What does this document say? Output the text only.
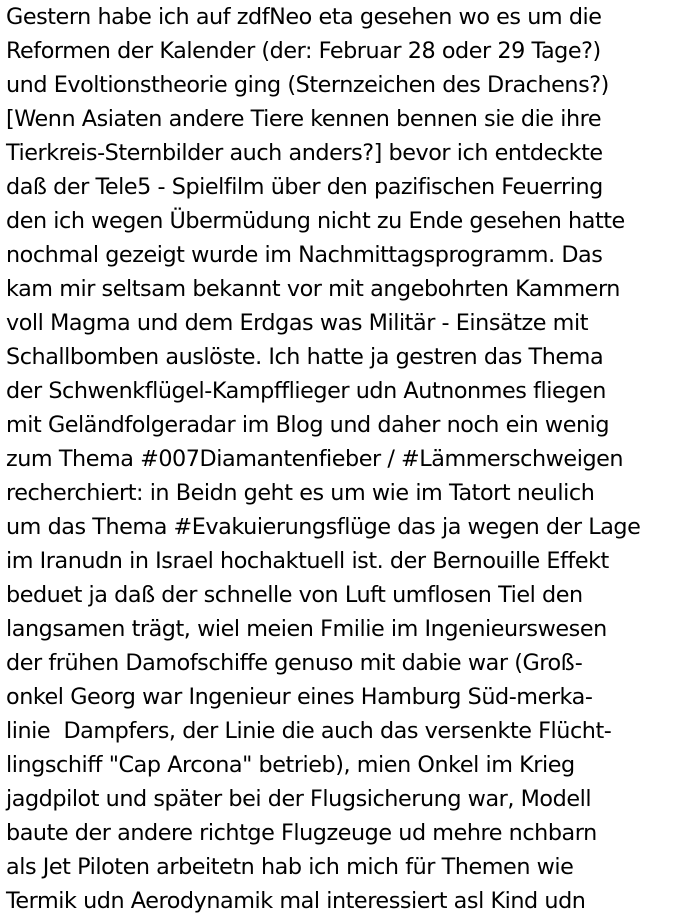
Gestern habe ich auf zdfNeo eta gesehen wo es um die
Reformen der Kalender (der: Februar 28 oder 29 Tage?)
und Evoltionstheorie ging (Sternzeichen des Drachens?)
[Wenn Asiaten andere Tiere kennen bennen sie die ihre
Tierkreis-Sternbilder auch anders?] bevor ich entdeckte
daß der Tele5 - Spielfilm über den pazifischen Feuerring
den ich wegen Übermüdung nicht zu Ende gesehen hatte
nochmal gezeigt wurde im Nachmittagsprogramm. Das
kam mir seltsam bekannt vor mit angebohrten Kammern
voll Magma und dem Erdgas was Militär - Einsätze mit
Schallbomben auslöste. Ich hatte ja gestren das Thema
der Schwenkflügel-Kampfflieger udn Autnonmes fliegen
mit Geländfolgeradar im Blog und daher noch ein wenig
zum Thema #007Diamantenfieber / #Lämmerschweigen
recherchiert: in Beidn geht es um wie im Tatort neulich
um das Thema #Evakuierungsflüge das ja wegen der Lage
im Iranudn in Israel hochaktuell ist. der Bernouille Effekt
beduet ja daß der schnelle von Luft umflosen Tiel den
langsamen trägt, wiel meien Fmilie im Ingenieurswesen
der frühen Damofschiffe genuso mit dabie war (Groß-
onkel Georg war Ingenieur eines Hamburg Süd-merka-
linie  Dampfers, der Linie die auch das versenkte Flücht-
lingschiff "Cap Arcona" betrieb), mien Onkel im Krieg
jagdpilot und später bei der Flugsicherung war, Modell
baute der andere richtge Flugzeuge ud mehre nchbarn
als Jet Piloten arbeitetn hab ich mich für Themen wie
Termik udn Aerodynamik mal interessiert asl Kind udn
